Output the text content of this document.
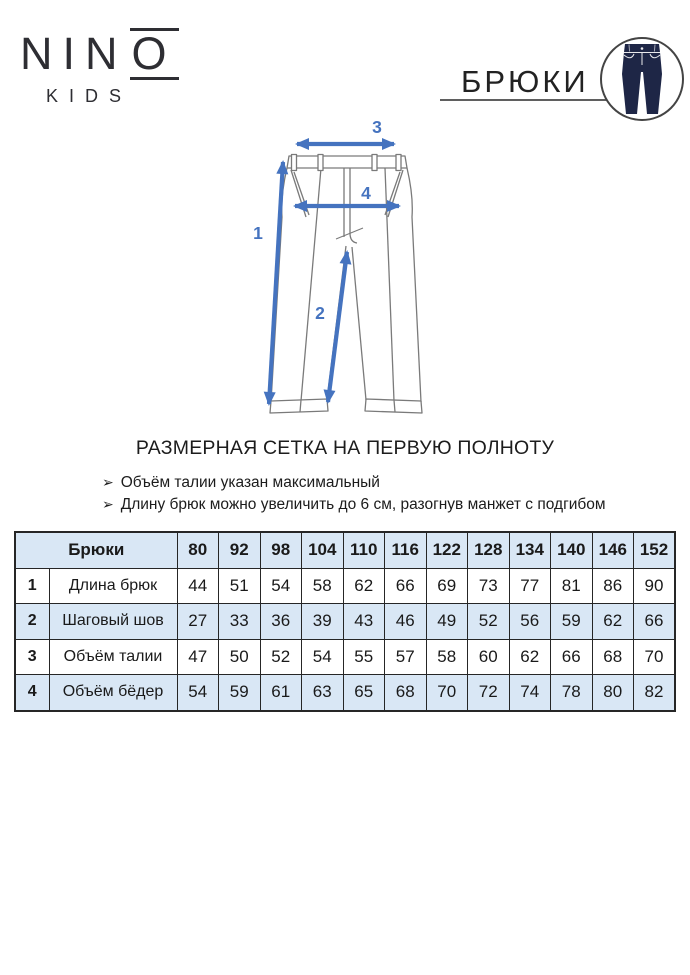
NINO
KIDS	БРЮКИ
3
1
4
2
РАЗМЕРНАЯ СЕТКА НА ПЕРВУЮ ПОЛНОТУ
➢ Объём талии указан максимальный
➢ Длину брюк можно увеличить до 6 см, разогнув манжет с подгибом
Брюки		80	92	98	104	110	116	122	128	134	140	146	152
1	Длина брюк	44	51	54	58	62	66	69	73	77	81	86	90
2	Шаговый шов	27	33	36	39	43	46	49	52	56	59	62	66
3	Объём талии	47	50	52	54	55	57	58	60	62	66	68	70
4	Объём бёдер	54	59	61	63	65	68	70	72	74	78	80	82
